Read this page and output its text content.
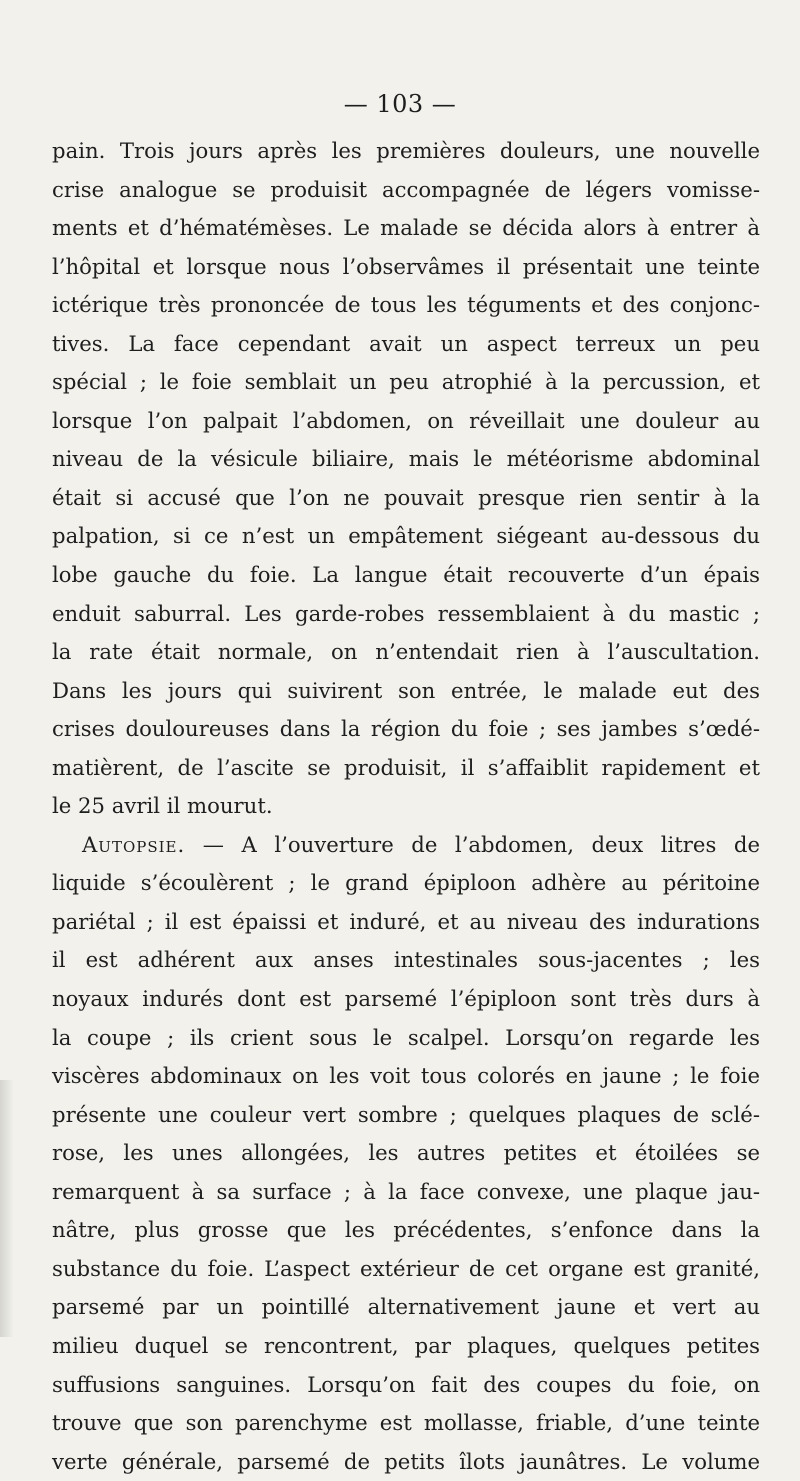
— 103 —
pain. Trois jours après les premières douleurs, une nouvelle
crise analogue se produisit accompagnée de légers vomisse-
ments et d’hématémèses. Le malade se décida alors à entrer à
l’hôpital et lorsque nous l’observâmes il présentait une teinte
ictérique très prononcée de tous les téguments et des conjonc-
tives. La face cependant avait un aspect terreux un peu
spécial ; le foie semblait un peu atrophié à la percussion, et
lorsque l’on palpait l’abdomen, on réveillait une douleur au
niveau de la vésicule biliaire, mais le météorisme abdominal
était si accusé que l’on ne pouvait presque rien sentir à la
palpation, si ce n’est un empâtement siégeant au-dessous du
lobe gauche du foie. La langue était recouverte d’un épais
enduit saburral. Les garde-robes ressemblaient à du mastic ;
la rate était normale, on n’entendait rien à l’auscultation.
Dans les jours qui suivirent son entrée, le malade eut des
crises douloureuses dans la région du foie ; ses jambes s’œdé-
matièrent, de l’ascite se produisit, il s’affaiblit rapidement et
le 25 avril il mourut.
Autopsie. — A l’ouverture de l’abdomen, deux litres de
liquide s’écoulèrent ; le grand épiploon adhère au péritoine
pariétal ; il est épaissi et induré, et au niveau des indurations
il est adhérent aux anses intestinales sous-jacentes ; les
noyaux indurés dont est parsemé l’épiploon sont très durs à
la coupe ; ils crient sous le scalpel. Lorsqu’on regarde les
viscères abdominaux on les voit tous colorés en jaune ; le foie
présente une couleur vert sombre ; quelques plaques de sclé-
rose, les unes allongées, les autres petites et étoilées se
remarquent à sa surface ; à la face convexe, une plaque jau-
nâtre, plus grosse que les précédentes, s’enfonce dans la
substance du foie. L’aspect extérieur de cet organe est granité,
parsemé par un pointillé alternativement jaune et vert au
milieu duquel se rencontrent, par plaques, quelques petites
suffusions sanguines. Lorsqu’on fait des coupes du foie, on
trouve que son parenchyme est mollasse, friable, d’une teinte
verte générale, parsemé de petits îlots jaunâtres. Le volume
